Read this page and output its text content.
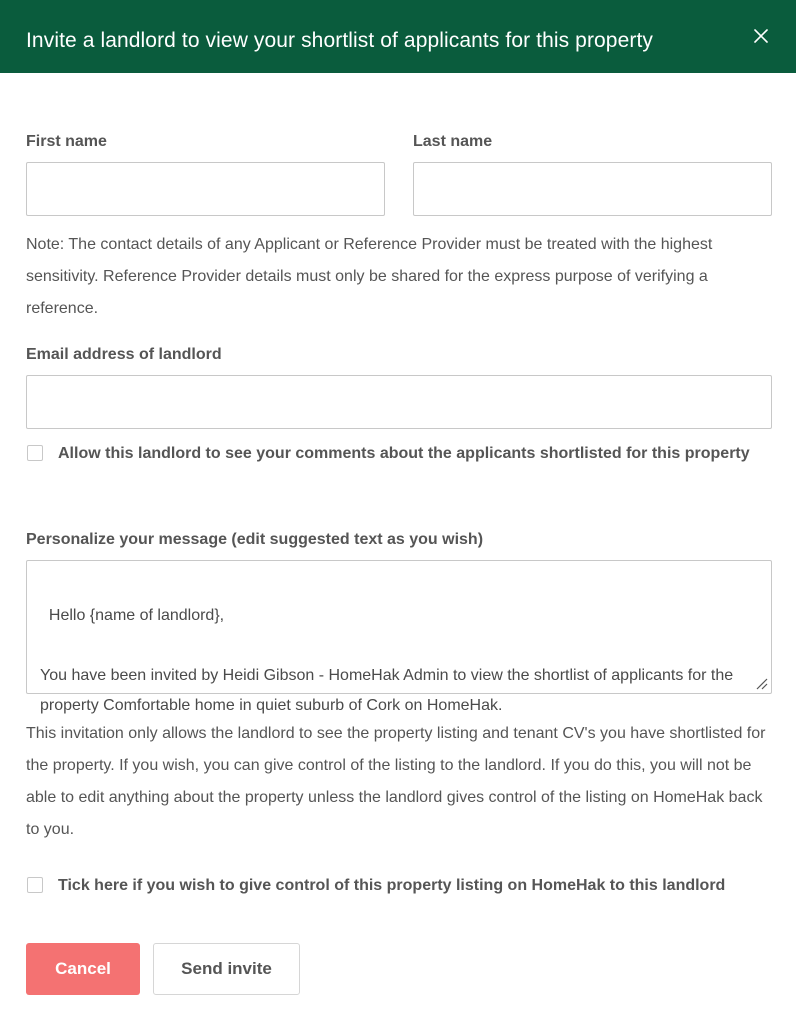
Invite a landlord to view your shortlist of applicants for this property
First name	Last name
Note: The contact details of any Applicant or Reference Provider must be treated with the highest sensitivity. Reference Provider details must only be shared for the express purpose of verifying a reference.
Email address of landlord
Allow this landlord to see your comments about the applicants shortlisted for this property
Personalize your message (edit suggested text as you wish)

Hello {name of landlord},

You have been invited by Heidi Gibson - HomeHak Admin to view the shortlist of applicants for the property Comfortable home in quiet suburb of Cork on HomeHak.

This invitation only allows the landlord to see the property listing and tenant CV's you have shortlisted for the property. If you wish, you can give control of the listing to the landlord. If you do this, you will not be able to edit anything about the property unless the landlord gives control of the listing on HomeHak back to you.
Tick here if you wish to give control of this property listing on HomeHak to this landlord
Cancel	Send invite
